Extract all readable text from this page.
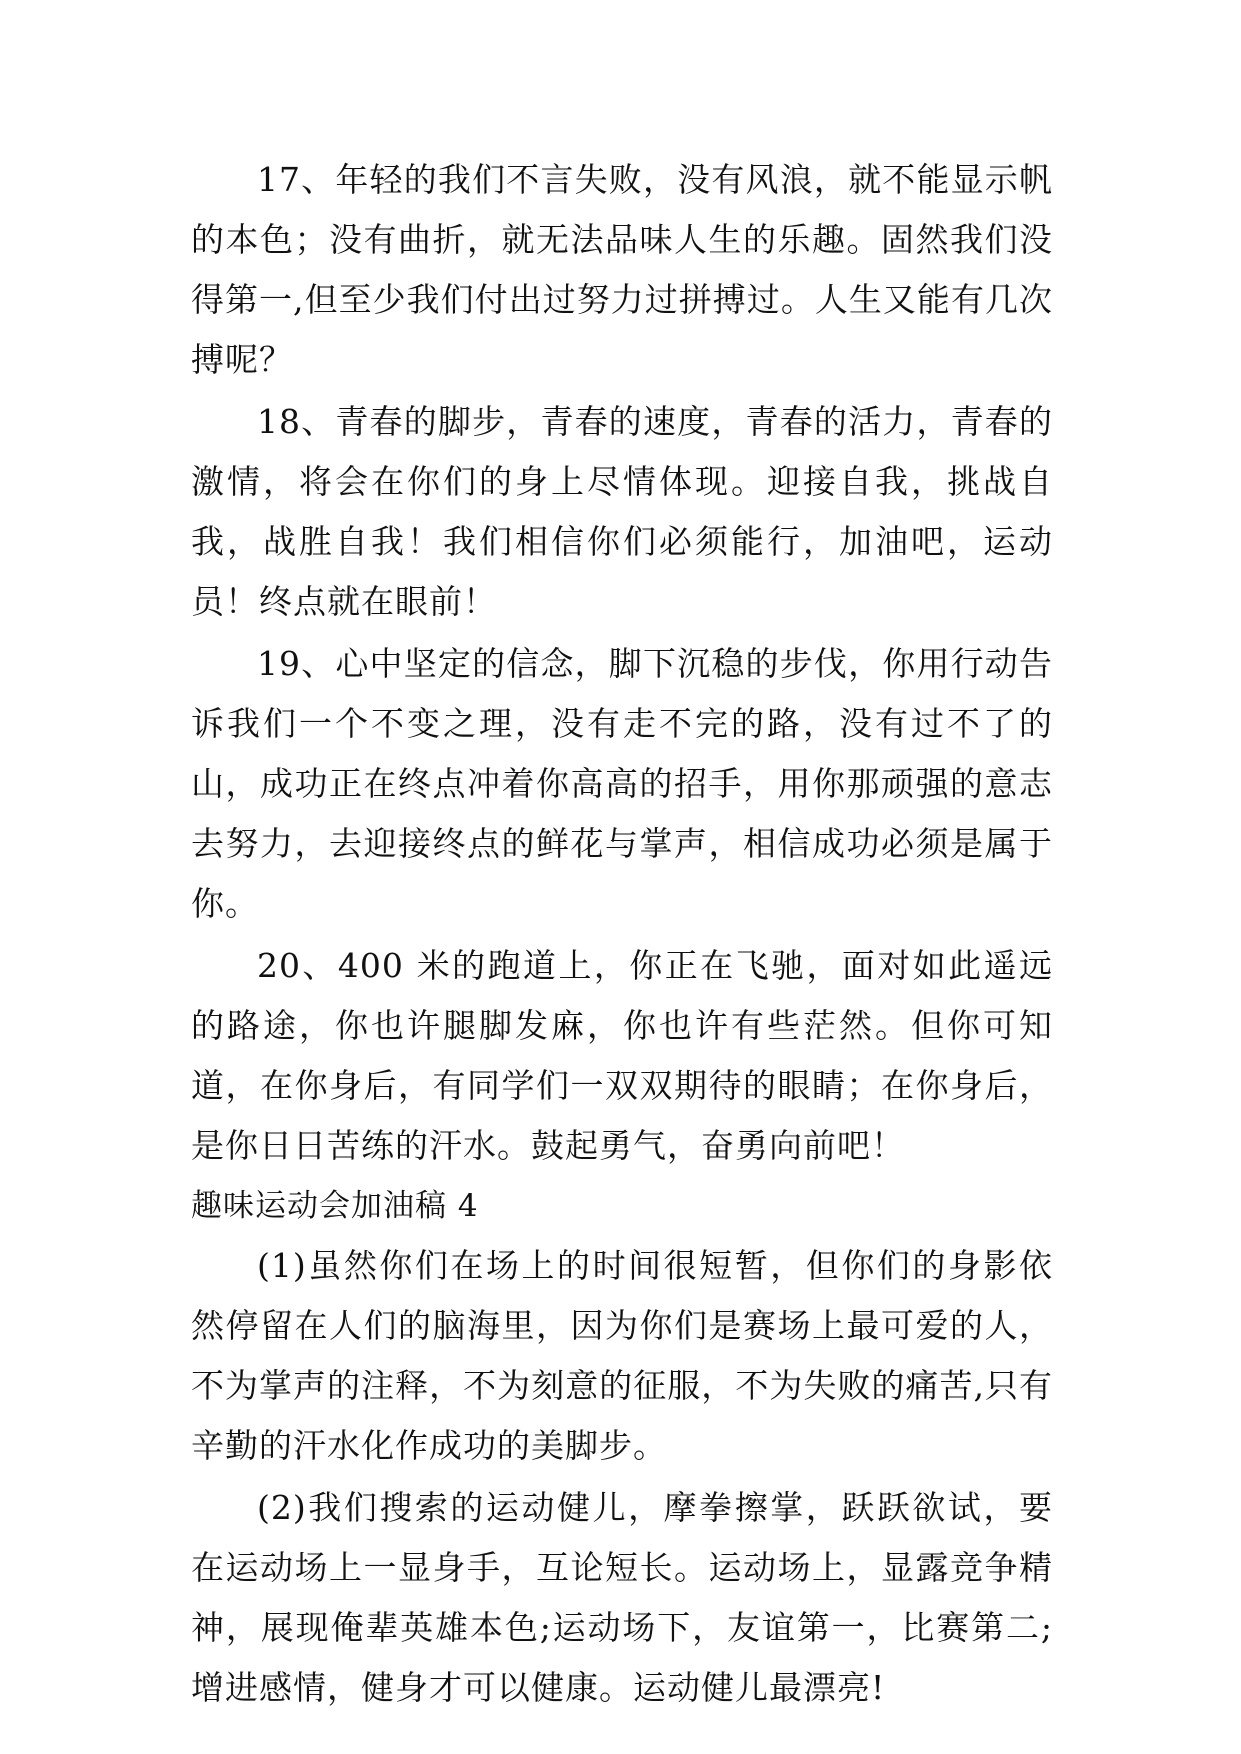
17、年轻的我们不言失败，没有风浪，就不能显示帆的本色；没有曲折，就无法品味人生的乐趣。固然我们没得第一,但至少我们付出过努力过拼搏过。人生又能有几次搏呢？

18、青春的脚步，青春的速度，青春的活力，青春的激情，将会在你们的身上尽情体现。迎接自我，挑战自我，战胜自我！我们相信你们必须能行，加油吧，运动员！终点就在眼前！

19、心中坚定的信念，脚下沉稳的步伐，你用行动告诉我们一个不变之理，没有走不完的路，没有过不了的山，成功正在终点冲着你高高的招手，用你那顽强的意志去努力，去迎接终点的鲜花与掌声，相信成功必须是属于你。

20、400 米的跑道上，你正在飞驰，面对如此遥远的路途，你也许腿脚发麻，你也许有些茫然。但你可知道，在你身后，有同学们一双双期待的眼睛；在你身后，是你日日苦练的汗水。鼓起勇气，奋勇向前吧！

趣味运动会加油稿 4

(1)虽然你们在场上的时间很短暂，但你们的身影依然停留在人们的脑海里，因为你们是赛场上最可爱的人，不为掌声的注释，不为刻意的征服，不为失败的痛苦,只有辛勤的汗水化作成功的美脚步。

(2)我们搜索的运动健儿，摩拳擦掌，跃跃欲试，要在运动场上一显身手，互论短长。运动场上，显露竞争精神，展现俺辈英雄本色;运动场下，友谊第一，比赛第二;增进感情，健身才可以健康。运动健儿最漂亮!
